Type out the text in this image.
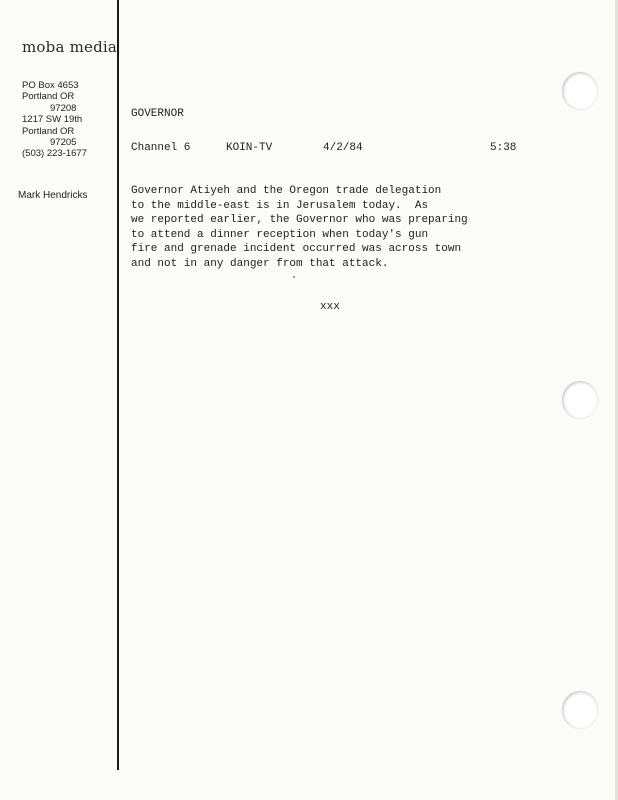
moba media
PO Box 4653
Portland OR
97208
1217 SW 19th
Portland OR
97205
(503) 223-1677
Mark Hendricks
GOVERNOR
Channel 6	KOIN-TV	4/2/84	5:38
Governor Atiyeh and the Oregon trade delegation
to the middle-east is in Jerusalem today.  As
we reported earlier, the Governor who was preparing
to attend a dinner reception when today's gun
fire and grenade incident occurred was across town
and not in any danger from that attack.
xxx
